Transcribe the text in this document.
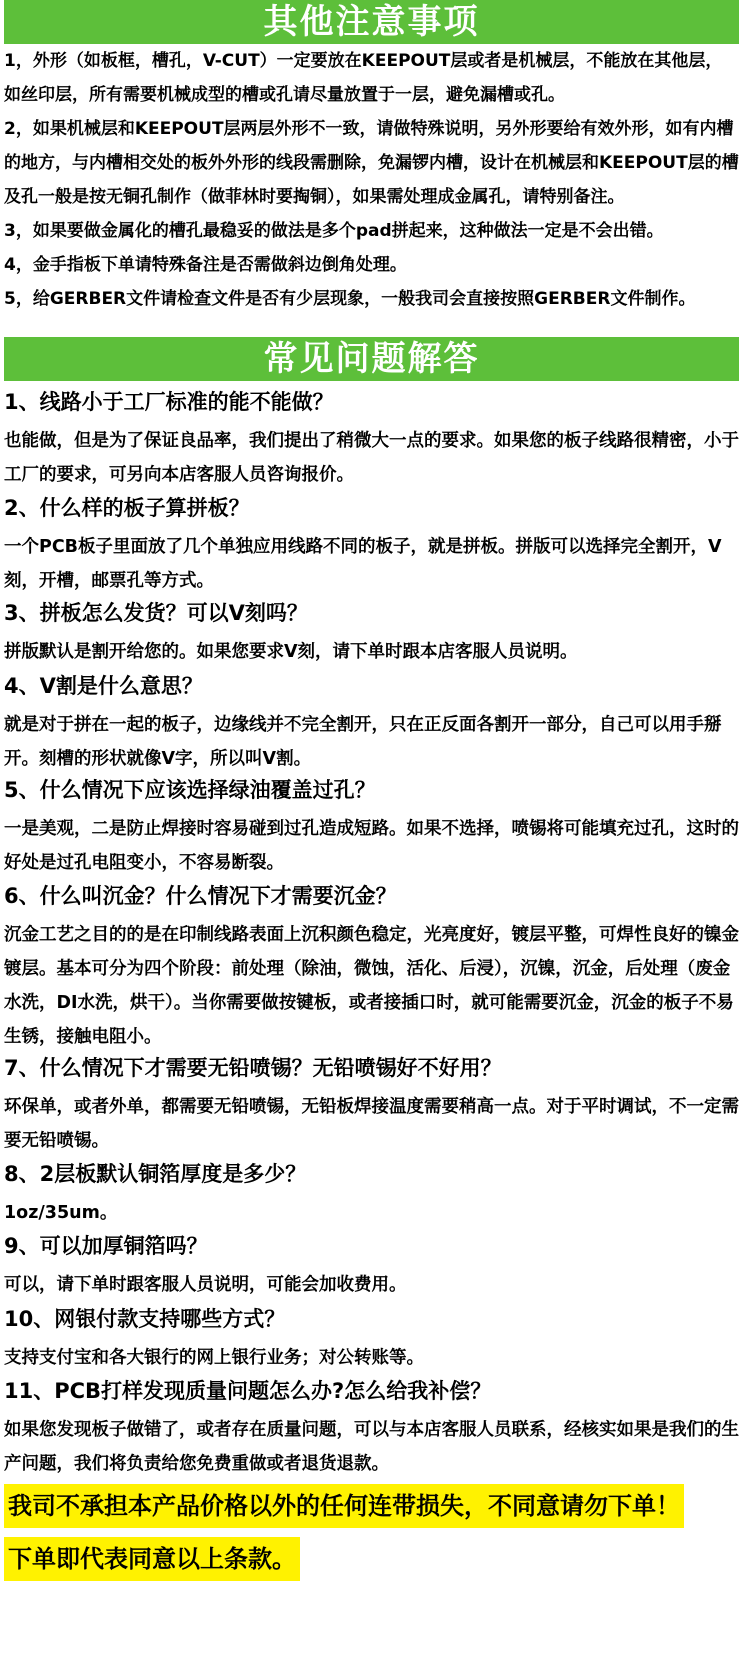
其他注意事项

1，外形（如板框，槽孔，V-CUT）一定要放在KEEPOUT层或者是机械层，不能放在其他层，如丝印层，所有需要机械成型的槽或孔请尽量放置于一层，避免漏槽或孔。

2，如果机械层和KEEPOUT层两层外形不一致，请做特殊说明，另外形要给有效外形，如有内槽的地方，与内槽相交处的板外外形的线段需删除，免漏锣内槽，设计在机械层和KEEPOUT层的槽及孔一般是按无铜孔制作（做菲林时要掏铜），如果需处理成金属孔，请特别备注。

3，如果要做金属化的槽孔最稳妥的做法是多个pad拼起来，这种做法一定是不会出错。

4，金手指板下单请特殊备注是否需做斜边倒角处理。

5，给GERBER文件请检查文件是否有少层现象，一般我司会直接按照GERBER文件制作。

常见问题解答

1、线路小于工厂标准的能不能做？

也能做，但是为了保证良品率，我们提出了稍微大一点的要求。如果您的板子线路很精密，小于工厂的要求，可另向本店客服人员咨询报价。

2、什么样的板子算拼板？

一个PCB板子里面放了几个单独应用线路不同的板子，就是拼板。拼版可以选择完全割开，V刻，开槽，邮票孔等方式。

3、拼板怎么发货？可以V刻吗？

拼版默认是割开给您的。如果您要求V刻，请下单时跟本店客服人员说明。

4、V割是什么意思？

就是对于拼在一起的板子，边缘线并不完全割开，只在正反面各割开一部分，自己可以用手掰开。刻槽的形状就像V字，所以叫V割。

5、什么情况下应该选择绿油覆盖过孔？

一是美观，二是防止焊接时容易碰到过孔造成短路。如果不选择，喷锡将可能填充过孔，这时的好处是过孔电阻变小，不容易断裂。

6、什么叫沉金？什么情况下才需要沉金？

沉金工艺之目的的是在印制线路表面上沉积颜色稳定，光亮度好，镀层平整，可焊性良好的镍金镀层。基本可分为四个阶段：前处理（除油，微蚀，活化、后浸），沉镍，沉金，后处理（废金水洗，DI水洗，烘干）。当你需要做按键板，或者接插口时，就可能需要沉金，沉金的板子不易生锈，接触电阻小。

7、什么情况下才需要无铅喷锡？无铅喷锡好不好用？

环保单，或者外单，都需要无铅喷锡，无铅板焊接温度需要稍高一点。对于平时调试，不一定需要无铅喷锡。

8、2层板默认铜箔厚度是多少？

1oz/35um。

9、可以加厚铜箔吗？

可以，请下单时跟客服人员说明，可能会加收费用。

10、网银付款支持哪些方式？

支持支付宝和各大银行的网上银行业务；对公转账等。

11、PCB打样发现质量问题怎么办?怎么给我补偿？

如果您发现板子做错了，或者存在质量问题，可以与本店客服人员联系，经核实如果是我们的生产问题，我们将负责给您免费重做或者退货退款。

我司不承担本产品价格以外的任何连带损失，不同意请勿下单！
下单即代表同意以上条款。
